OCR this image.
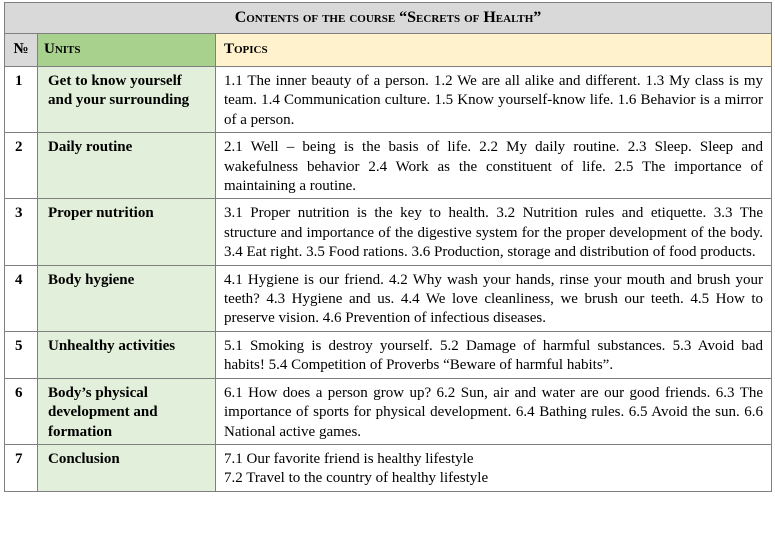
Contents of the course “Secrets of Health”		
№	Units	Topics
1	Get to know yourself and your surrounding	1.1 The inner beauty of a person. 1.2 We are all alike and different. 1.3 My class is my team. 1.4 Communication culture. 1.5 Know yourself-know life. 1.6 Behavior is a mirror of a person.

2	Daily routine	2.1 Well – being is the basis of life. 2.2 My daily routine. 2.3 Sleep. Sleep and wakefulness behavior 2.4 Work as the constituent of life. 2.5 The importance of maintaining a routine.

3	Proper nutrition	3.1 Proper nutrition is the key to health. 3.2 Nutrition rules and etiquette. 3.3 The structure and importance of the digestive system for the proper development of the body. 3.4 Eat right. 3.5 Food rations. 3.6 Production, storage and distribution of food products.

4	Body hygiene	4.1 Hygiene is our friend. 4.2 Why wash your hands, rinse your mouth and brush your teeth? 4.3 Hygiene and us. 4.4 We love cleanliness, we brush our teeth. 4.5 How to preserve vision. 4.6 Prevention of infectious diseases.

5	Unhealthy activities	5.1 Smoking is destroy yourself. 5.2 Damage of harmful substances. 5.3 Avoid bad habits! 5.4 Competition of Proverbs “Beware of harmful habits”.

6	Body’s physical development and formation	6.1 How does a person grow up? 6.2 Sun, air and water are our good friends. 6.3 The importance of sports for physical development. 6.4 Bathing rules. 6.5 Avoid the sun. 6.6 National active games.

7	Conclusion	7.1 Our favorite friend is healthy lifestyle
7.2 Travel to the country of healthy lifestyle
